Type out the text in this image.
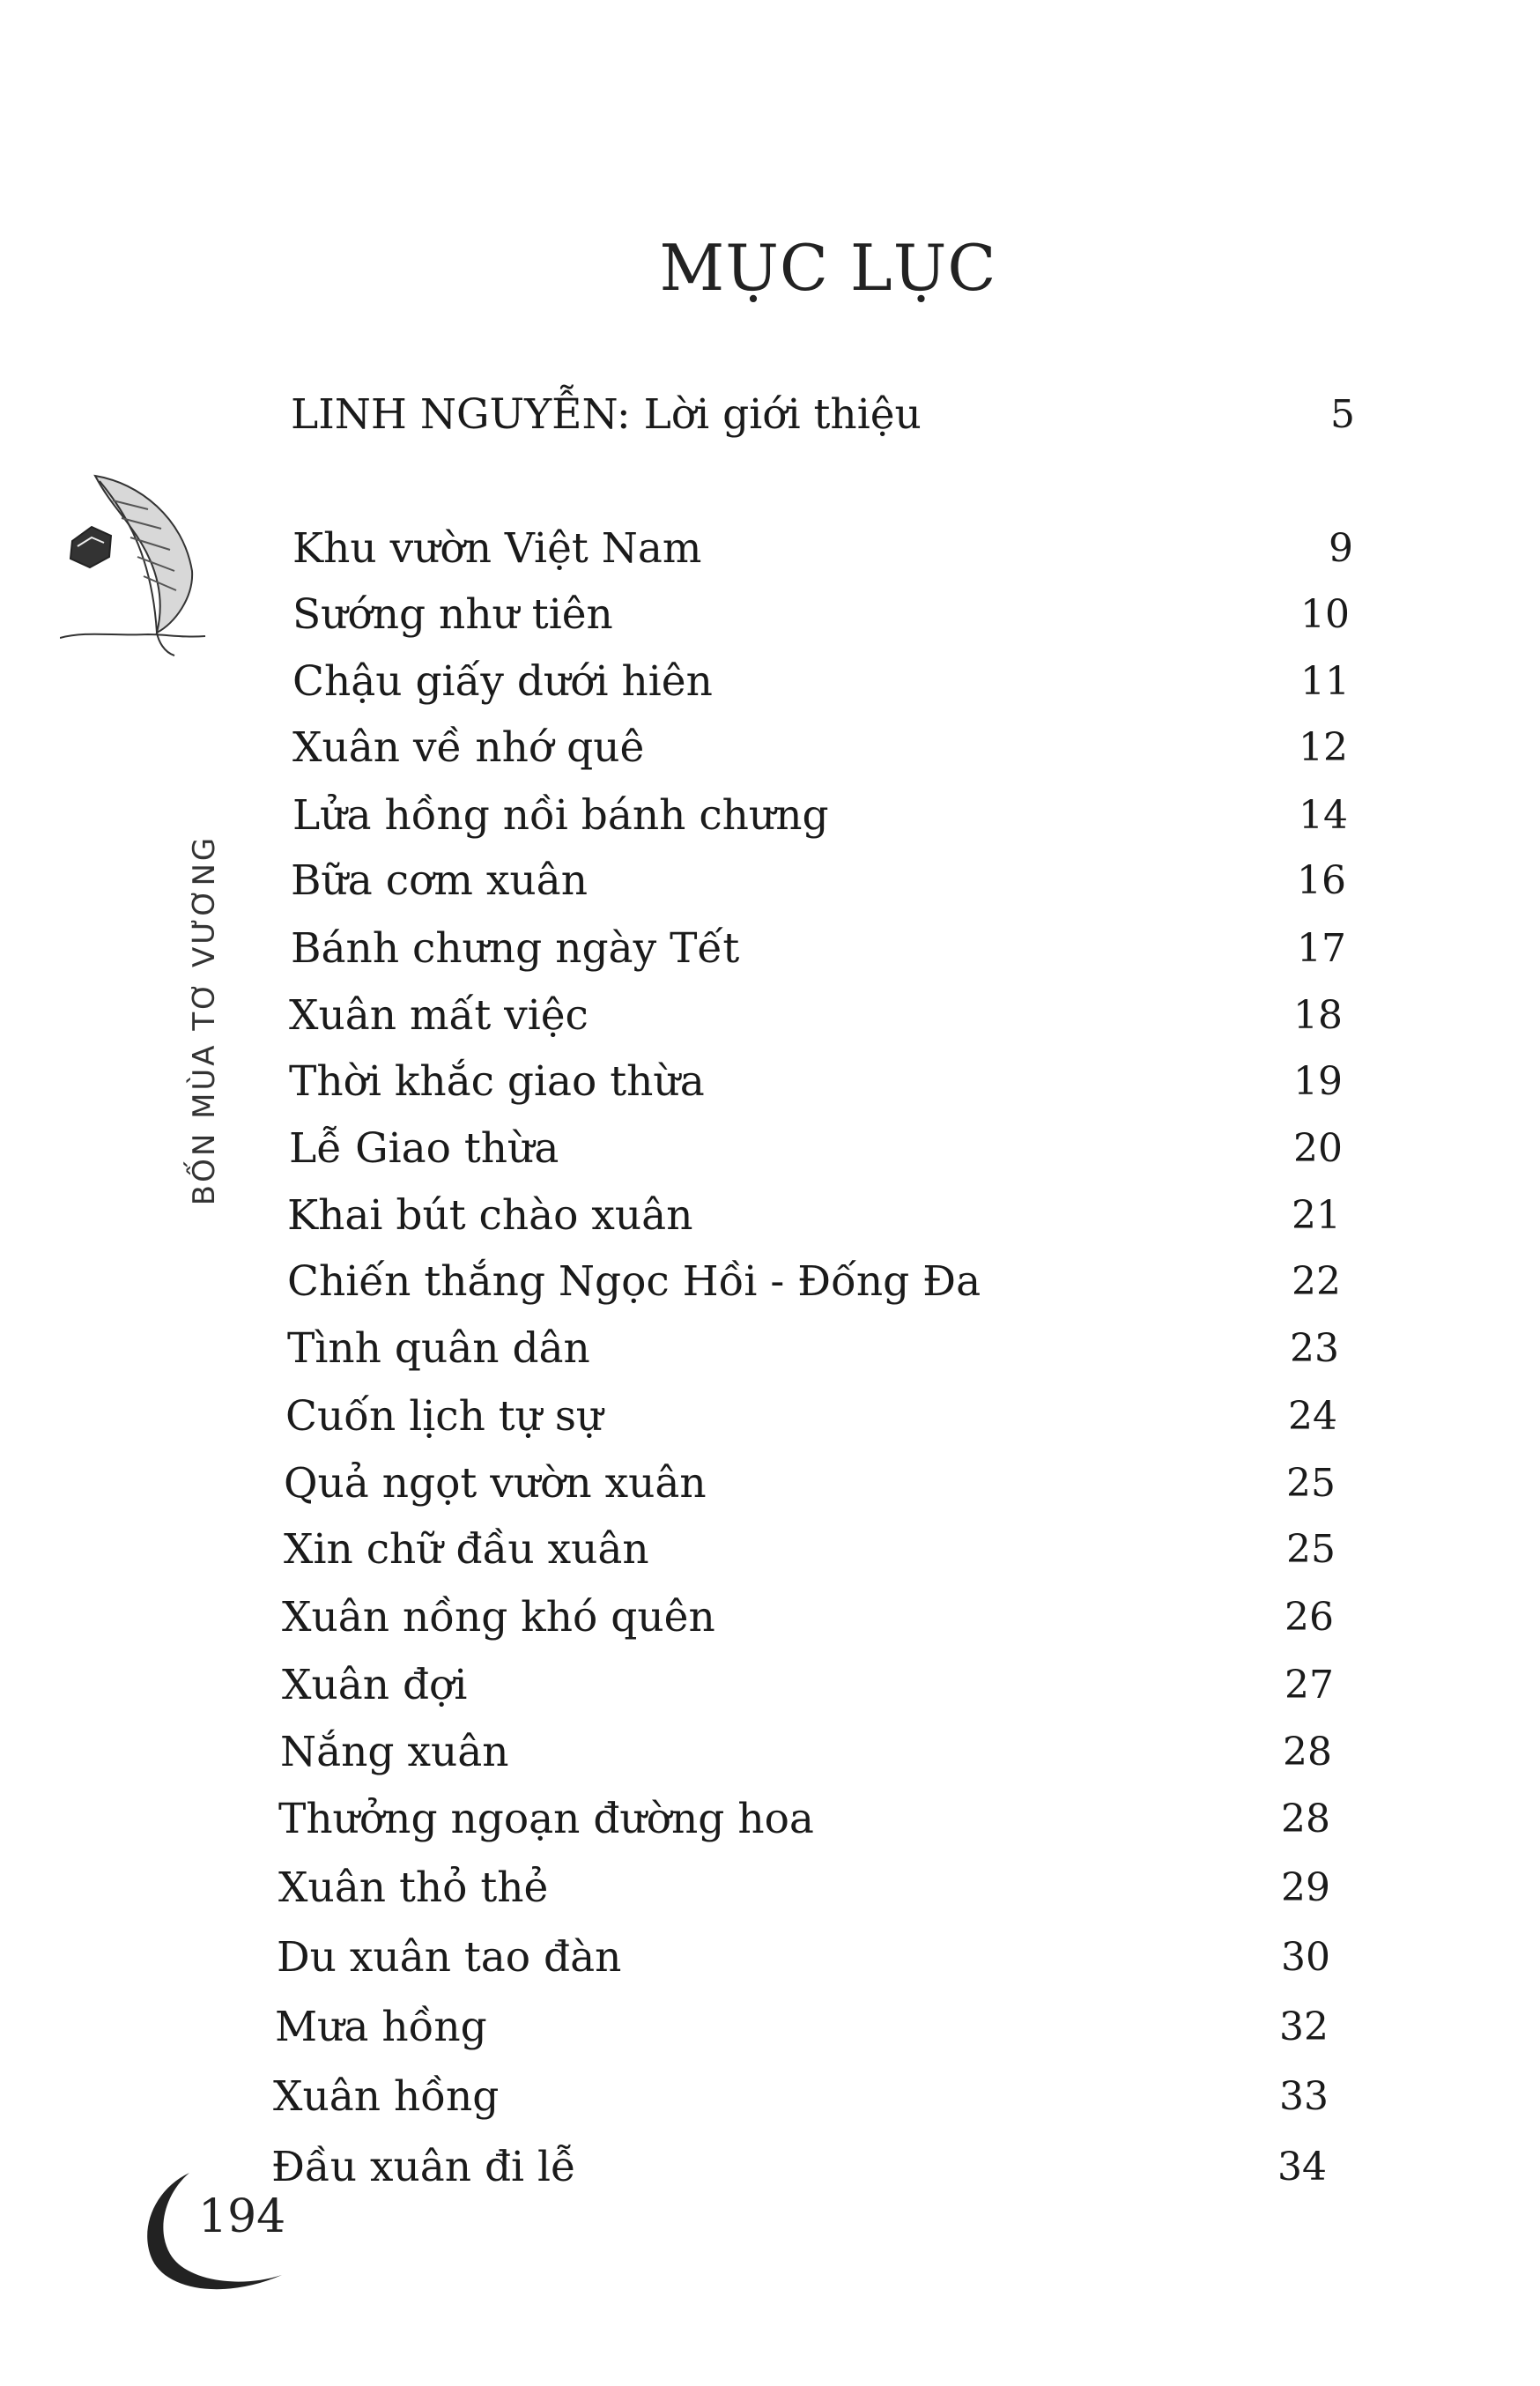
MỤC LỤC
BỐN MÙA TƠ VƯƠNG
LINH NGUYỄN: Lời giới thiệu	5
Khu vườn Việt Nam	9
Sướng như tiên	10
Chậu giấy dưới hiên	11
Xuân về nhớ quê	12
Lửa hồng nồi bánh chưng	14
Bữa cơm xuân	16
Bánh chưng ngày Tết	17
Xuân mất việc	18
Thời khắc giao thừa	19
Lễ Giao thừa	20
Khai bút chào xuân	21
Chiến thắng Ngọc Hồi - Đống Đa	22
Tình quân dân	23
Cuốn lịch tự sự	24
Quả ngọt vườn xuân	25
Xin chữ đầu xuân	25
Xuân nồng khó quên	26
Xuân đợi	27
Nắng xuân	28
Thưởng ngoạn đường hoa	28
Xuân thỏ thẻ	29
Du xuân tao đàn	30
Mưa hồng	32
Xuân hồng	33
Đầu xuân đi lễ	34
194
